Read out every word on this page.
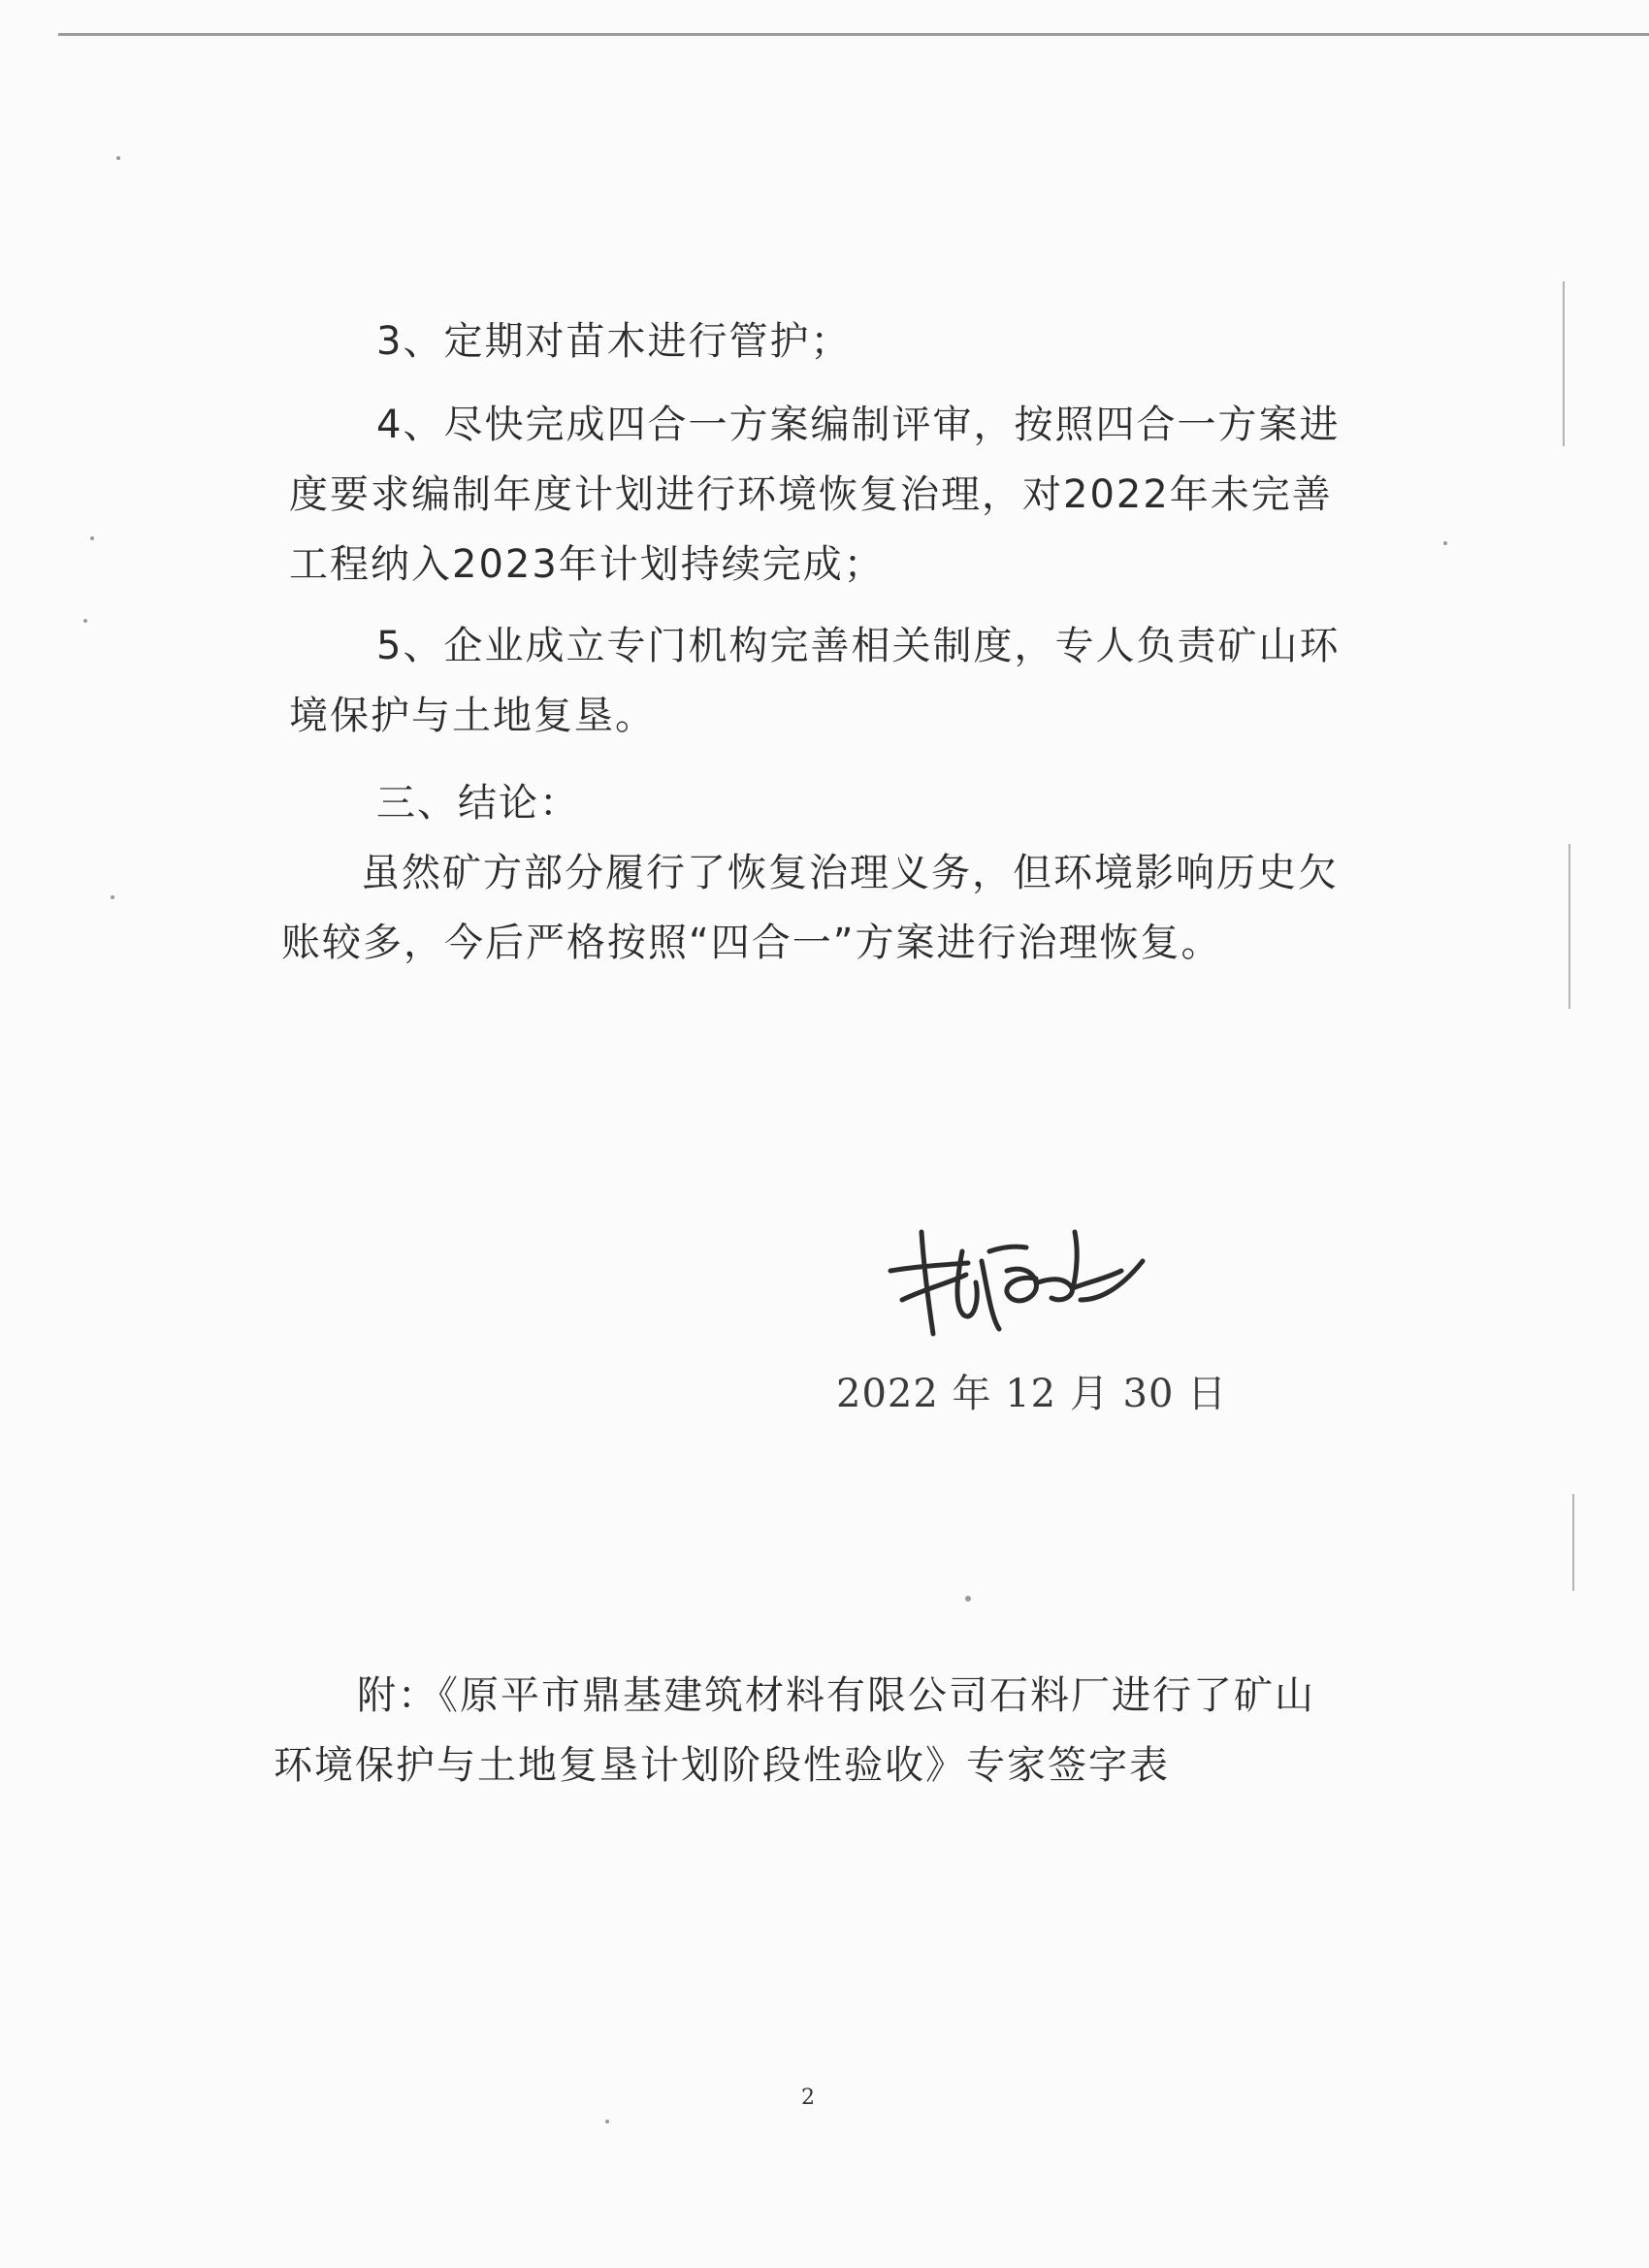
3、定期对苗木进行管护；
4、尽快完成四合一方案编制评审，按照四合一方案进
度要求编制年度计划进行环境恢复治理，对2022年未完善
工程纳入2023年计划持续完成；
5、企业成立专门机构完善相关制度，专人负责矿山环
境保护与土地复垦。
三、结论：
虽然矿方部分履行了恢复治理义务，但环境影响历史欠
账较多，今后严格按照“四合一”方案进行治理恢复。
2022 年 12 月 30 日
附：《原平市鼎基建筑材料有限公司石料厂进行了矿山
环境保护与土地复垦计划阶段性验收》专家签字表
2
